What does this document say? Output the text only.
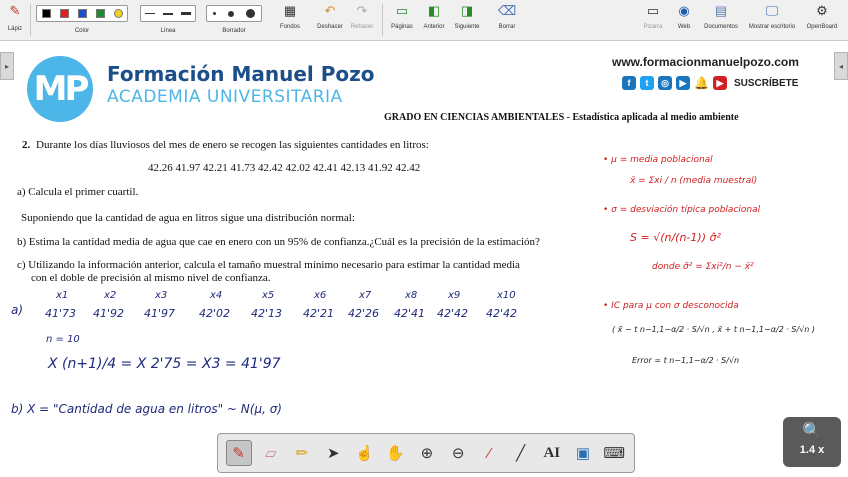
✎
Lápiz	Color	Línea	Borrador
▦
Fondos
↶
Deshacer
↷
Rehacer
▭
Páginas
◧
Anterior
◨
Siguiente
⌫
Borrar
▭
Pizarra
◉
Web
▤
Documentos
🖵
Mostrar escritorio
⚙
OpenBoard
▸	◂
MP	Formación Manuel Pozo
ACADEMIA UNIVERSITARIA
www.formacionmanuelpozo.com
f	t	◎	▶ 🔔 ▶	SUSCRÍBETE
GRADO EN CIENCIAS AMBIENTALES - Estadística aplicada al medio ambiente
2. Durante los días lluviosos del mes de enero se recogen las siguientes cantidades en litros:
42.26 41.97 42.21 41.73 42.42 42.02 42.41 42.13 41.92 42.42
a) Calcula el primer cuartil.
Suponiendo que la cantidad de agua en litros sigue una distribución normal:
b) Estima la cantidad media de agua que cae en enero con un 95% de confianza.¿Cuál es la precisión de la estimación?
c) Utilizando la información anterior, calcula el tamaño muestral mínimo necesario para estimar la cantidad media
con el doble de precisión al mismo nivel de confianza.
a)
x1	x2	x3	x4	x5	x6	x7	x8	x9	x10
41'73 41'92 41'97 42'02 42'13 42'21 42'26 42'41 42'42 42'42
n = 10
X (n+1)/4 = X 2'75 = X3 = 41'97
b) X = "Cantidad de agua en litros" ~ N(μ, σ)
• μ = media poblacional
x̄ = Σxi / n (media muestral)
• σ = desviación típica poblacional
S = √(n/(n-1)) σ̂²
donde σ̂² = Σxi²/n − x̄²
• IC para μ con σ desconocida
( x̄ − t n−1,1−α/2 · S/√n , x̄ + t n−1,1−α/2 · S/√n )
Error = t n−1,1−α/2 · S/√n
✎ ▱ ✏ ➤ ☝ ✋ ⊕ ⊖ ⁄ ╱ AI ▣ ⌨
🔍
1.4 x
